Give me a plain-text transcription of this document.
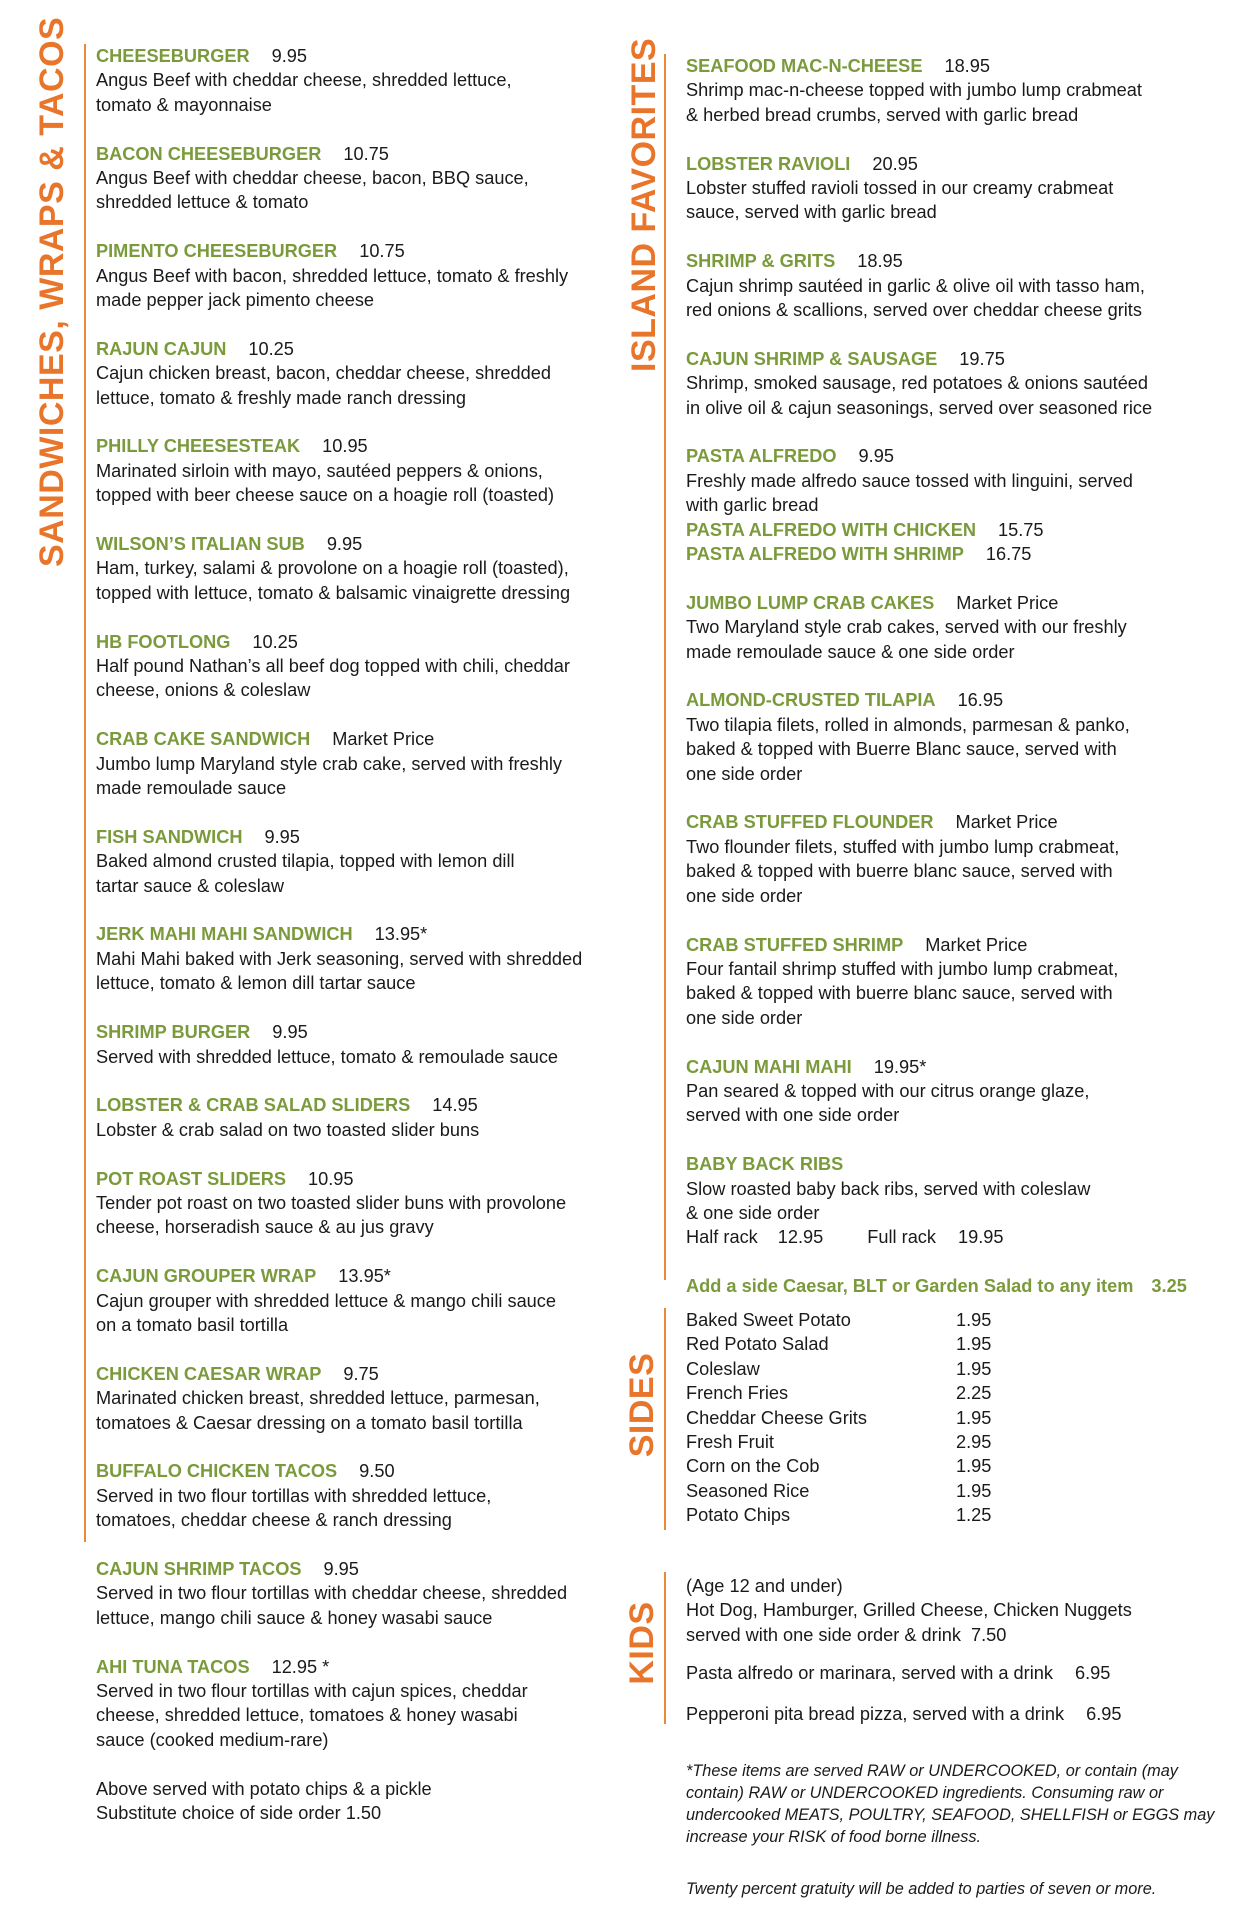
SANDWICHES, WRAPS & TACOS CHEESEBURGER 9.95
Angus Beef with cheddar cheese, shredded lettuce,
tomato & mayonnaise
BACON CHEESEBURGER 10.75
Angus Beef with cheddar cheese, bacon, BBQ sauce,
shredded lettuce & tomato
PIMENTO CHEESEBURGER 10.75
Angus Beef with bacon, shredded lettuce, tomato & freshly
made pepper jack pimento cheese
RAJUN CAJUN 10.25
Cajun chicken breast, bacon, cheddar cheese, shredded
lettuce, tomato & freshly made ranch dressing
PHILLY CHEESESTEAK 10.95
Marinated sirloin with mayo, sautéed peppers & onions,
topped with beer cheese sauce on a hoagie roll (toasted)
WILSON’S ITALIAN SUB 9.95
Ham, turkey, salami & provolone on a hoagie roll (toasted),
topped with lettuce, tomato & balsamic vinaigrette dressing
HB FOOTLONG 10.25
Half pound Nathan’s all beef dog topped with chili, cheddar
cheese, onions & coleslaw
CRAB CAKE SANDWICH Market Price
Jumbo lump Maryland style crab cake, served with freshly
made remoulade sauce
FISH SANDWICH 9.95
Baked almond crusted tilapia, topped with lemon dill
tartar sauce & coleslaw
JERK MAHI MAHI SANDWICH 13.95*
Mahi Mahi baked with Jerk seasoning, served with shredded
lettuce, tomato & lemon dill tartar sauce
SHRIMP BURGER 9.95
Served with shredded lettuce, tomato & remoulade sauce
LOBSTER & CRAB SALAD SLIDERS 14.95
Lobster & crab salad on two toasted slider buns
POT ROAST SLIDERS 10.95
Tender pot roast on two toasted slider buns with provolone
cheese, horseradish sauce & au jus gravy
CAJUN GROUPER WRAP 13.95*
Cajun grouper with shredded lettuce & mango chili sauce
on a tomato basil tortilla
CHICKEN CAESAR WRAP 9.75
Marinated chicken breast, shredded lettuce, parmesan,
tomatoes & Caesar dressing on a tomato basil tortilla
BUFFALO CHICKEN TACOS 9.50
Served in two flour tortillas with shredded lettuce,
tomatoes, cheddar cheese & ranch dressing
CAJUN SHRIMP TACOS 9.95
Served in two flour tortillas with cheddar cheese, shredded
lettuce, mango chili sauce & honey wasabi sauce
AHI TUNA TACOS 12.95 *
Served in two flour tortillas with cajun spices, cheddar
cheese, shredded lettuce, tomatoes & honey wasabi
sauce (cooked medium-rare)
Above served with potato chips & a pickle
Substitute choice of side order 1.50
ISLAND FAVORITES SEAFOOD MAC-N-CHEESE 18.95
Shrimp mac-n-cheese topped with jumbo lump crabmeat
& herbed bread crumbs, served with garlic bread
LOBSTER RAVIOLI 20.95
Lobster stuffed ravioli tossed in our creamy crabmeat
sauce, served with garlic bread
SHRIMP & GRITS 18.95
Cajun shrimp sautéed in garlic & olive oil with tasso ham,
red onions & scallions, served over cheddar cheese grits
CAJUN SHRIMP & SAUSAGE 19.75
Shrimp, smoked sausage, red potatoes & onions sautéed
in olive oil & cajun seasonings, served over seasoned rice
PASTA ALFREDO 9.95
Freshly made alfredo sauce tossed with linguini, served
with garlic bread
PASTA ALFREDO WITH CHICKEN 15.75
PASTA ALFREDO WITH SHRIMP 16.75
JUMBO LUMP CRAB CAKES Market Price
Two Maryland style crab cakes, served with our freshly
made remoulade sauce & one side order
ALMOND-CRUSTED TILAPIA 16.95
Two tilapia filets, rolled in almonds, parmesan & panko,
baked & topped with Buerre Blanc sauce, served with
one side order
CRAB STUFFED FLOUNDER Market Price
Two flounder filets, stuffed with jumbo lump crabmeat,
baked & topped with buerre blanc sauce, served with
one side order
CRAB STUFFED SHRIMP Market Price
Four fantail shrimp stuffed with jumbo lump crabmeat,
baked & topped with buerre blanc sauce, served with
one side order
CAJUN MAHI MAHI 19.95*
Pan seared & topped with our citrus orange glaze,
served with one side order
BABY BACK RIBS
Slow roasted baby back ribs, served with coleslaw
& one side order
Half rack 12.95 Full rack 19.95
Add a side Caesar, BLT or Garden Salad to any item 3.25
SIDES
Baked Sweet Potato	1.95
Red Potato Salad	1.95
Coleslaw	1.95
French Fries	2.25
Cheddar Cheese Grits	1.95
Fresh Fruit	2.95
Corn on the Cob	1.95
Seasoned Rice	1.95
Potato Chips	1.25
KIDS
(Age 12 and under)
Hot Dog, Hamburger, Grilled Cheese, Chicken Nuggets
served with one side order & drink 7.50
Pasta alfredo or marinara, served with a drink 6.95
Pepperoni pita bread pizza, served with a drink 6.95
*These items are served RAW or UNDERCOOKED, or contain (may
contain) RAW or UNDERCOOKED ingredients. Consuming raw or
undercooked MEATS, POULTRY, SEAFOOD, SHELLFISH or EGGS may
increase your RISK of food borne illness.
Twenty percent gratuity will be added to parties of seven or more.
